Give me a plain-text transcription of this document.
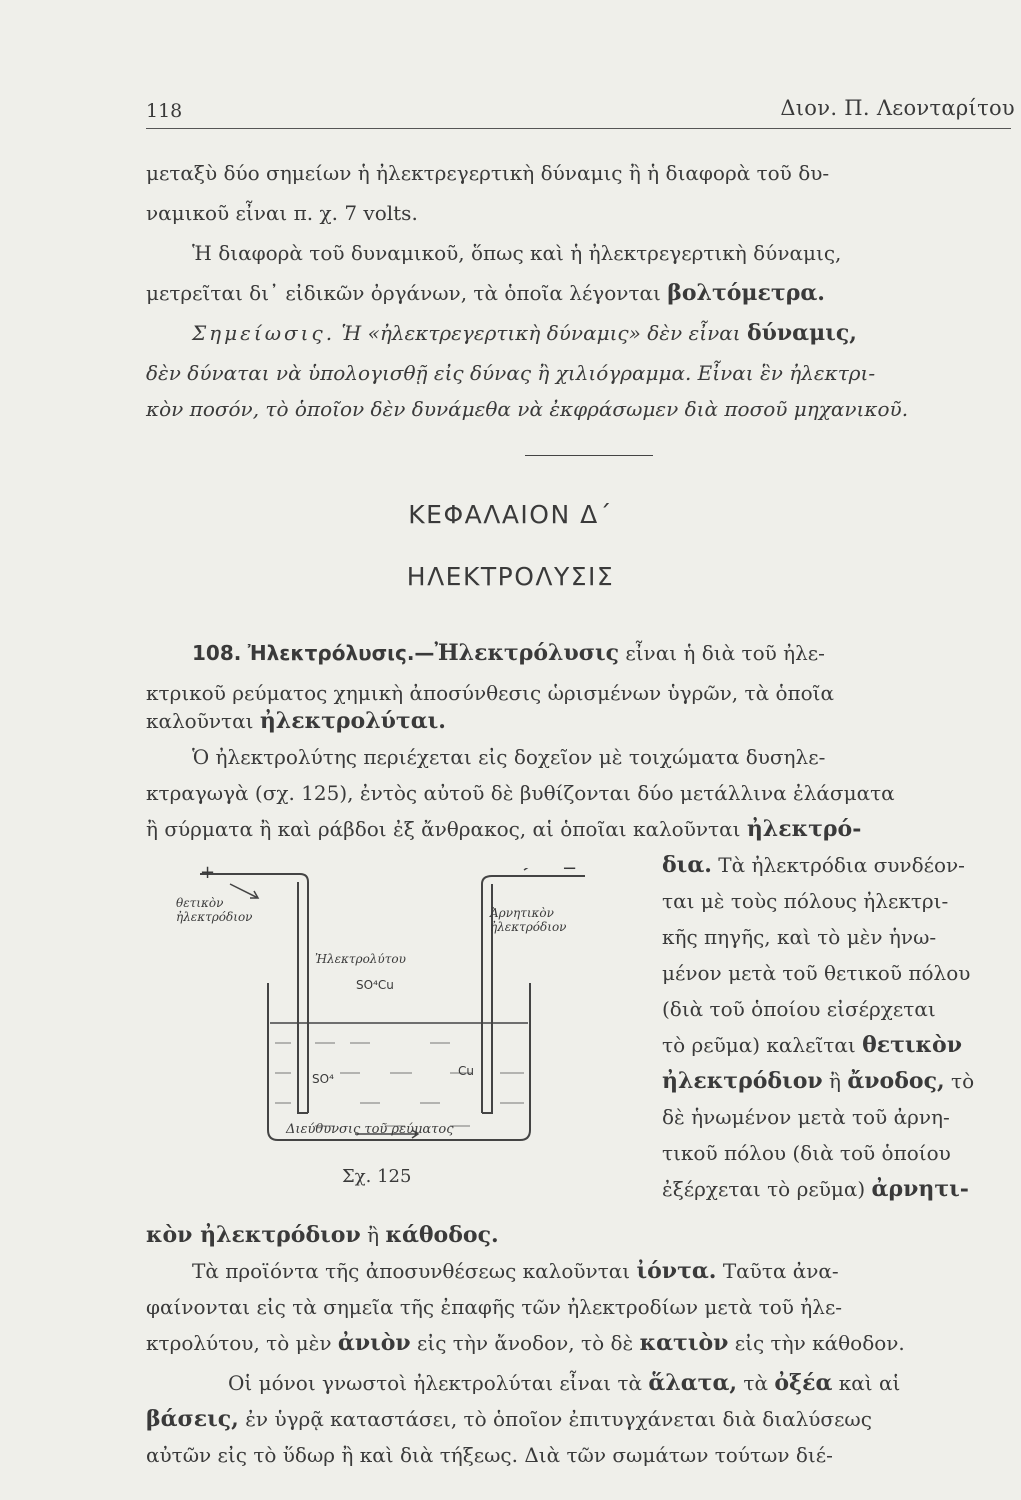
118	Διον. Π. Λεονταρίτου
μεταξὺ δύο σημείων ἡ ἠλεκτρεγερτικὴ δύναμις ἢ ἡ διαφορὰ τοῦ δυ-
ναμικοῦ εἶναι π. χ. 7 volts.
Ἡ διαφορὰ τοῦ δυναμικοῦ, ὅπως καὶ ἡ ἠλεκτρεγερτικὴ δύναμις,
μετρεῖται δι᾽ εἰδικῶν ὀργάνων, τὰ ὁποῖα λέγονται βολτόμετρα.
Σημείωσις. Ἡ «ἠλεκτρεγερτικὴ δύναμις» δὲν εἶναι δύναμις,
δὲν δύναται νὰ ὑπολογισθῇ εἰς δύνας ἢ χιλιόγραμμα. Εἶναι ἓν ἠλεκτρι-
κὸν ποσόν, τὸ ὁποῖον δὲν δυνάμεθα νὰ ἐκφράσωμεν διὰ ποσοῦ μηχανικοῦ.
ΚΕΦΑΛΑΙΟΝ Δ΄
ΗΛΕΚΤΡΟΛΥΣΙΣ
108. Ἠλεκτρόλυσις.—Ἠλεκτρόλυσις εἶναι ἡ διὰ τοῦ ἠλε-
κτρικοῦ ρεύματος χημικὴ ἀποσύνθεσις ὡρισμένων ὑγρῶν, τὰ ὁποῖα
καλοῦνται ἠλεκτρολύται.
Ὁ ἠλεκτρολύτης περιέχεται εἰς δοχεῖον μὲ τοιχώματα δυσηλε-
κτραγωγὰ (σχ. 125), ἐντὸς αὐτοῦ δὲ βυθίζονται δύο μετάλλινα ἐλάσματα
ἢ σύρματα ἢ καὶ ράβδοι ἐξ ἄνθρακος, αἱ ὁποῖαι καλοῦνται ἠλεκτρό-
+	−
θετικὸν
ἠλεκτρόδιον	Ἀρνητικὸν
ἠλεκτρόδιον
Ἠλεκτρολύτου
SO⁴Cu
SO⁴
Cu
Διεύθυνσις τοῦ ρεύματος
Σχ. 125
δια. Τὰ ἠλεκτρόδια συνδέον-
ται μὲ τοὺς πόλους ἠλεκτρι-
κῆς πηγῆς, καὶ τὸ μὲν ἡνω-
μένον μετὰ τοῦ θετικοῦ πόλου
(διὰ τοῦ ὁποίου εἰσέρχεται
τὸ ρεῦμα) καλεῖται θετικὸν
ἠλεκτρόδιον ἢ ἄνοδος, τὸ
δὲ ἡνωμένον μετὰ τοῦ ἀρνη-
τικοῦ πόλου (διὰ τοῦ ὁποίου
ἐξέρχεται τὸ ρεῦμα) ἀρνητι-
κὸν ἠλεκτρόδιον ἢ κάθοδος.
Τὰ προϊόντα τῆς ἀποσυνθέσεως καλοῦνται ἰόντα. Ταῦτα ἀνα-
φαίνονται εἰς τὰ σημεῖα τῆς ἐπαφῆς τῶν ἠλεκτροδίων μετὰ τοῦ ἠλε-
κτρολύτου, τὸ μὲν ἀνιὸν εἰς τὴν ἄνοδον, τὸ δὲ κατιὸν εἰς τὴν κάθοδον.
Οἱ μόνοι γνωστοὶ ἠλεκτρολύται εἶναι τὰ ἅλατα, τὰ ὀξέα καὶ αἱ
βάσεις, ἐν ὑγρᾷ καταστάσει, τὸ ὁποῖον ἐπιτυγχάνεται διὰ διαλύσεως
αὐτῶν εἰς τὸ ὕδωρ ἢ καὶ διὰ τήξεως. Διὰ τῶν σωμάτων τούτων διέ-
